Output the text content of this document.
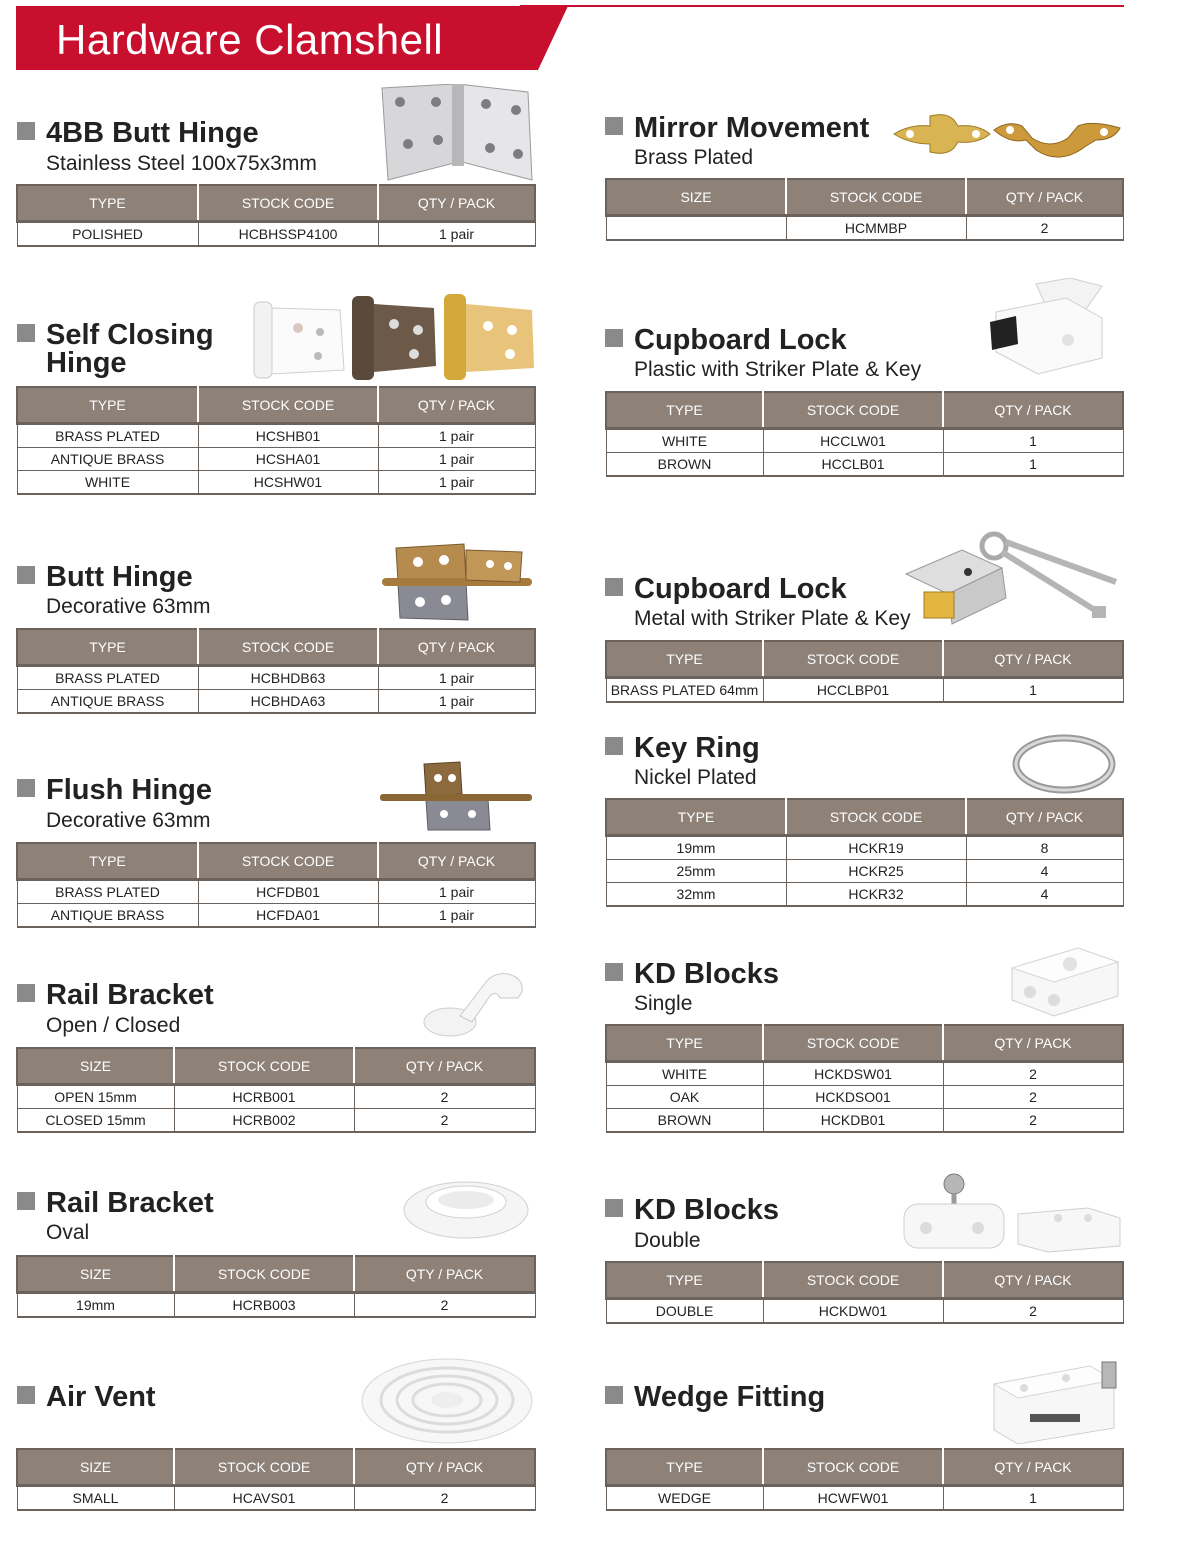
Hardware Clamshell
4BB Butt Hinge
Stainless Steel 100x75x3mm
TYPE	STOCK CODE	QTY / PACK
POLISHED	HCBHSSP4100	1 pair
Self Closing
Hinge
TYPE	STOCK CODE	QTY / PACK
BRASS PLATED	HCSHB01	1 pair
ANTIQUE BRASS	HCSHA01	1 pair
WHITE	HCSHW01	1 pair
Butt Hinge
Decorative 63mm
TYPE	STOCK CODE	QTY / PACK
BRASS PLATED	HCBHDB63	1 pair
ANTIQUE BRASS	HCBHDA63	1 pair
Flush Hinge
Decorative 63mm
TYPE	STOCK CODE	QTY / PACK
BRASS PLATED	HCFDB01	1 pair
ANTIQUE BRASS	HCFDA01	1 pair
Rail Bracket
Open / Closed
SIZE	STOCK CODE	QTY / PACK
OPEN 15mm	HCRB001	2
CLOSED 15mm	HCRB002	2
Rail Bracket
Oval
SIZE	STOCK CODE	QTY / PACK
19mm	HCRB003	2
Air Vent
SIZE	STOCK CODE	QTY / PACK
SMALL	HCAVS01	2
Mirror Movement
Brass Plated
SIZE	STOCK CODE	QTY / PACK
	HCMMBP	2
Cupboard Lock
Plastic with Striker Plate & Key
TYPE	STOCK CODE	QTY / PACK
WHITE	HCCLW01	1
BROWN	HCCLB01	1
Cupboard Lock
Metal with Striker Plate & Key
TYPE	STOCK CODE	QTY / PACK
BRASS PLATED 64mm	HCCLBP01	1
Key Ring
Nickel Plated
TYPE	STOCK CODE	QTY / PACK
19mm	HCKR19	8
25mm	HCKR25	4
32mm	HCKR32	4
KD Blocks
Single
TYPE	STOCK CODE	QTY / PACK
WHITE	HCKDSW01	2
OAK	HCKDSO01	2
BROWN	HCKDB01	2
KD Blocks
Double
TYPE	STOCK CODE	QTY / PACK
DOUBLE	HCKDW01	2
Wedge Fitting
TYPE	STOCK CODE	QTY / PACK
WEDGE	HCWFW01	1
